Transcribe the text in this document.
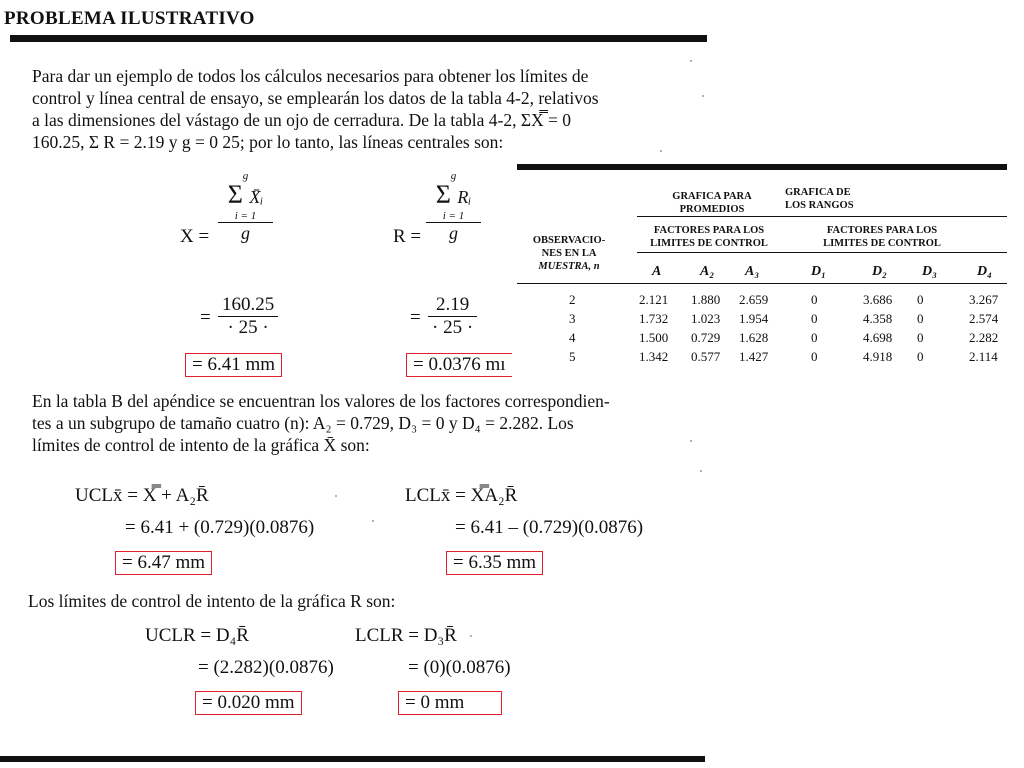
PROBLEMA ILUSTRATIVO
Para dar un ejemplo de todos los cálculos necesarios para obtener los límites de
control y línea central de ensayo, se emplearán los datos de la tabla 4-2, relativos
a las dimensiones del vástago de un ojo de cerradura. De la tabla 4-2, ΣX̿ = 0
160.25, Σ R = 2.19 y g = 0 25; por lo tanto, las líneas centrales son:
X =
g
Σ X̄ᵢ
i = 1
g	R =
g
Σ Rᵢ
i = 1
g
= $\frac{160.25}{\cdot 25 \cdot}$
= 6.41 mm
= $\frac{2.19}{\cdot 25 \cdot}$
= 0.0376 mı
GRAFICA PARA
PROMEDIOS
GRAFICA DE
LOS RANGOS
FACTORES PARA LOS
LIMITES DE CONTROL
FACTORES PARA LOS
LIMITES DE CONTROL
OBSERVACIO-
NES EN LA
MUESTRA, n	A	A₂ A₃	D₁	D₂	D₃	D₄
2	2.121 1.880 2.659	0	3.686 0	3.267
3	1.732 1.023 1.954	0	4.358 0	2.574
4	1.500 0.729 1.628	0	4.698 0	2.282
5	1.342 0.577 1.427	0	4.918 0	2.114
En la tabla B del apéndice se encuentran los valores de los factores correspondien-
tes a un subgrupo de tamaño cuatro (n): A₂ = 0.729, D₃ = 0 y D₄ = 2.282. Los
límites de control de intento de la gráfica X̄ son:
UCLx̄ = X̿ + A₂R̄
= 6.41 + (0.729)(0.0876)
= 6.47 mm
LCLx̄ = X̿A₂R̄
= 6.41 – (0.729)(0.0876)
= 6.35 mm
Los límites de control de intento de la gráfica R son:
UCLR = D₄R̄
= (2.282)(0.0876)
= 0.020 mm
LCLR = D₃R̄
= (0)(0.0876)
= 0 mm
